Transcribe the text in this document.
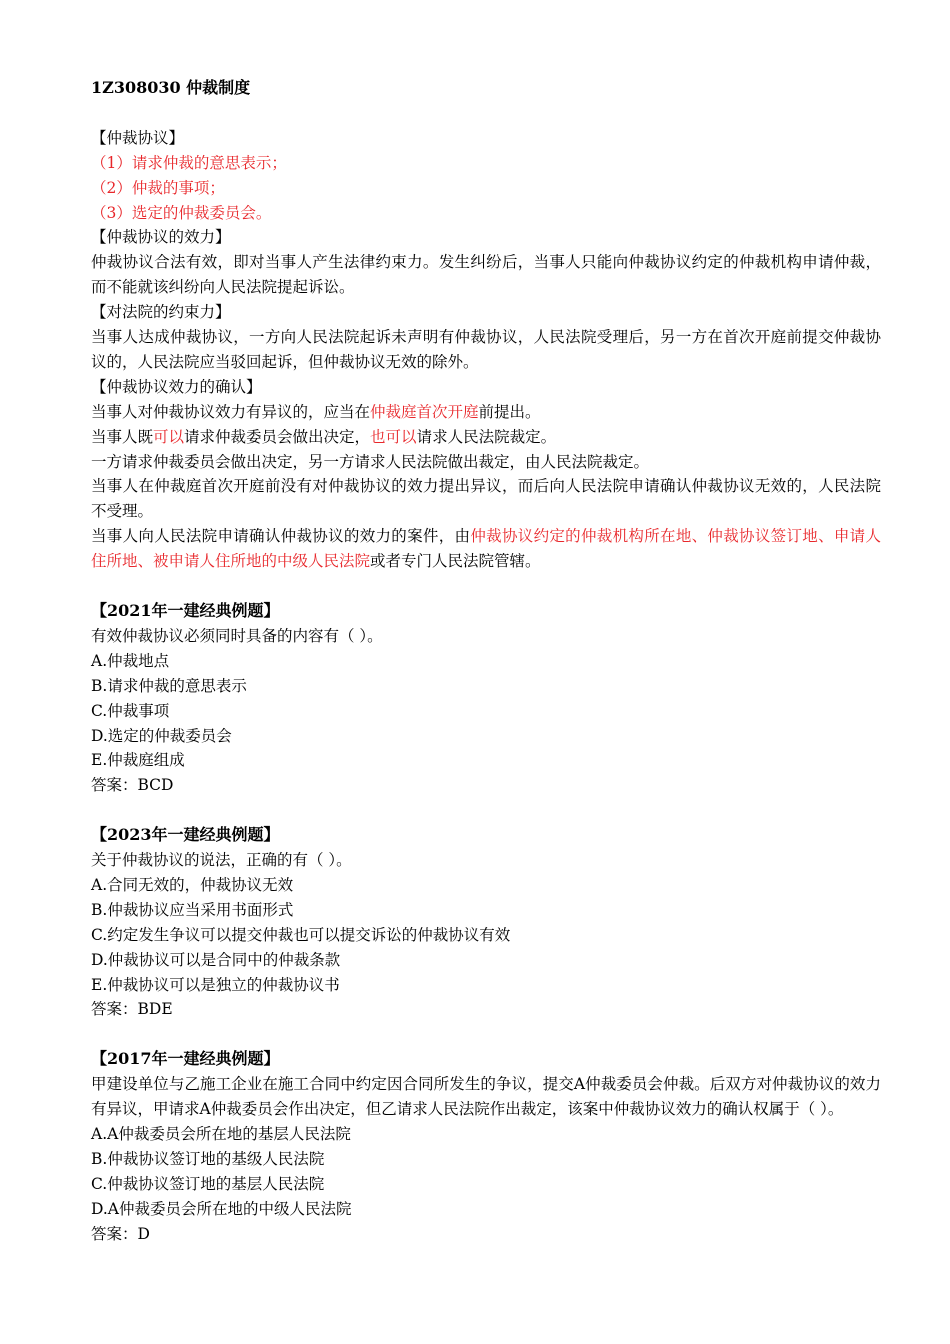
1Z308030 仲裁制度

【仲裁协议】

（1）请求仲裁的意思表示；

（2）仲裁的事项；

（3）选定的仲裁委员会。

【仲裁协议的效力】

仲裁协议合法有效，即对当事人产生法律约束力。发生纠纷后，当事人只能向仲裁协议约定的仲裁机构申请仲裁，而不能就该纠纷向人民法院提起诉讼。

【对法院的约束力】

当事人达成仲裁协议，一方向人民法院起诉未声明有仲裁协议，人民法院受理后，另一方在首次开庭前提交仲裁协议的，人民法院应当驳回起诉，但仲裁协议无效的除外。

【仲裁协议效力的确认】

当事人对仲裁协议效力有异议的，应当在仲裁庭首次开庭前提出。

当事人既可以请求仲裁委员会做出决定，也可以请求人民法院裁定。

一方请求仲裁委员会做出决定，另一方请求人民法院做出裁定，由人民法院裁定。

当事人在仲裁庭首次开庭前没有对仲裁协议的效力提出异议，而后向人民法院申请确认仲裁协议无效的，人民法院不受理。

当事人向人民法院申请确认仲裁协议的效力的案件，由仲裁协议约定的仲裁机构所在地、仲裁协议签订地、申请人住所地、被申请人住所地的中级人民法院或者专门人民法院管辖。

【2021年一建经典例题】

有效仲裁协议必须同时具备的内容有（ ）。

A.仲裁地点

B.请求仲裁的意思表示

C.仲裁事项

D.选定的仲裁委员会

E.仲裁庭组成

答案：BCD

【2023年一建经典例题】

关于仲裁协议的说法，正确的有（ ）。

A.合同无效的，仲裁协议无效

B.仲裁协议应当采用书面形式

C.约定发生争议可以提交仲裁也可以提交诉讼的仲裁协议有效

D.仲裁协议可以是合同中的仲裁条款

E.仲裁协议可以是独立的仲裁协议书

答案：BDE

【2017年一建经典例题】

甲建设单位与乙施工企业在施工合同中约定因合同所发生的争议，提交A仲裁委员会仲裁。后双方对仲裁协议的效力有异议，甲请求A仲裁委员会作出决定，但乙请求人民法院作出裁定，该案中仲裁协议效力的确认权属于（ ）。

A.A仲裁委员会所在地的基层人民法院

B.仲裁协议签订地的基级人民法院

C.仲裁协议签订地的基层人民法院

D.A仲裁委员会所在地的中级人民法院

答案：D
